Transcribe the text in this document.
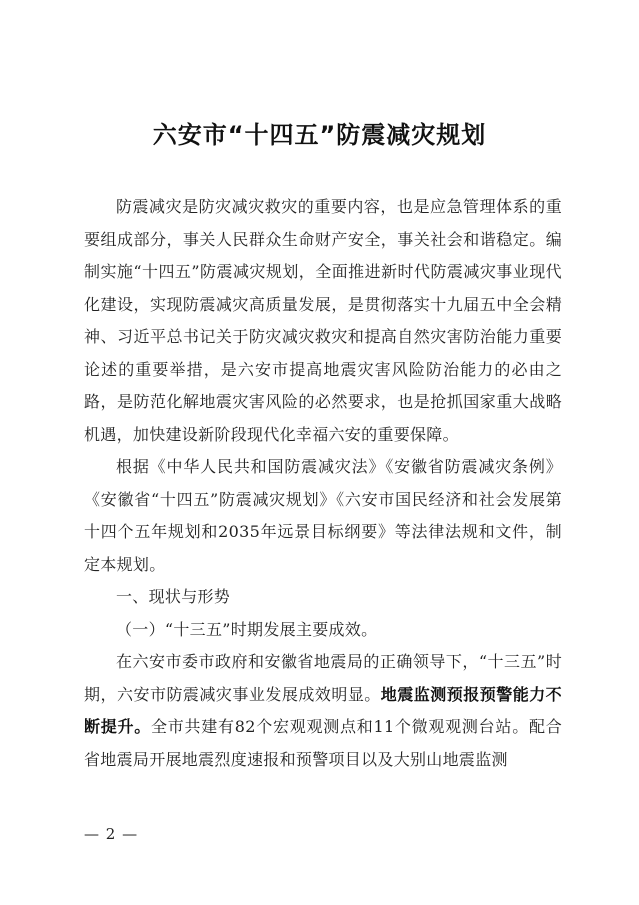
六安市“十四五”防震减灾规划

防震减灾是防灾减灾救灾的重要内容，也是应急管理体系的重要组成部分，事关人民群众生命财产安全，事关社会和谐稳定。编制实施“十四五”防震减灾规划，全面推进新时代防震减灾事业现代化建设，实现防震减灾高质量发展，是贯彻落实十九届五中全会精神、习近平总书记关于防灾减灾救灾和提高自然灾害防治能力重要论述的重要举措，是六安市提高地震灾害风险防治能力的必由之路，是防范化解地震灾害风险的必然要求，也是抢抓国家重大战略机遇，加快建设新阶段现代化幸福六安的重要保障。

根据《中华人民共和国防震减灾法》《安徽省防震减灾条例》《安徽省“十四五”防震减灾规划》《六安市国民经济和社会发展第十四个五年规划和2035年远景目标纲要》等法律法规和文件，制定本规划。

一、现状与形势

（一）“十三五”时期发展主要成效。

在六安市委市政府和安徽省地震局的正确领导下，“十三五”时期，六安市防震减灾事业发展成效明显。地震监测预报预警能力不断提升。全市共建有82个宏观观测点和11个微观观测台站。配合省地震局开展地震烈度速报和预警项目以及大别山地震监测

— 2 —
